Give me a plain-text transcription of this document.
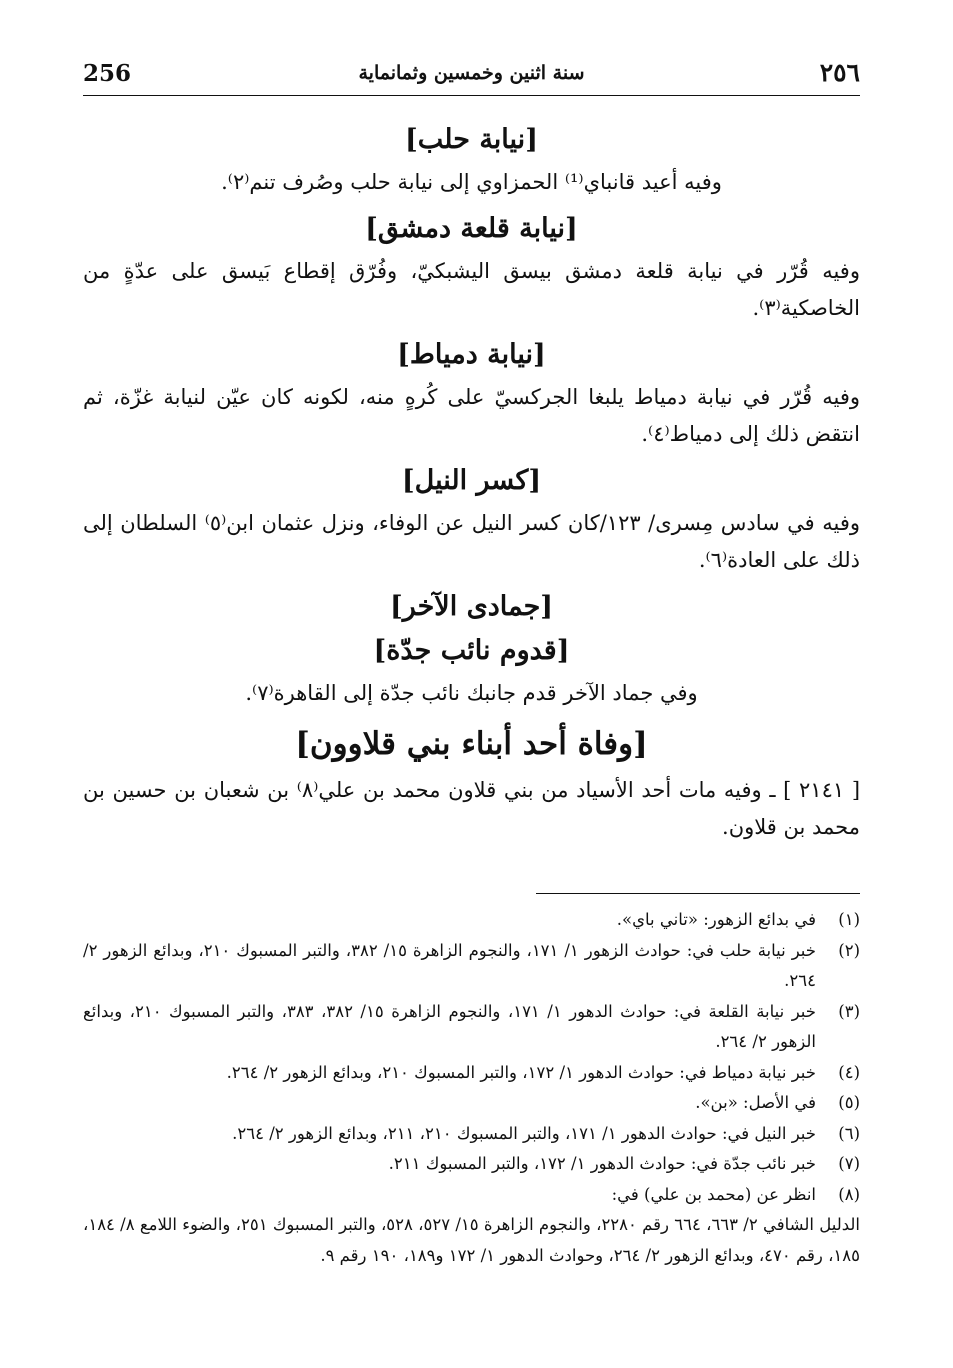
256	سنة اثنين وخمسين وثمانماية	٢٥٦
[نيابة حلب]

وفيه أعيد قانباي⁽¹⁾ الحمزاوي إلى نيابة حلب وصُرف تنم⁽٢⁾.

[نيابة قلعة دمشق]

وفيه قُرّر في نيابة قلعة دمشق بيسق اليشبكيّ، وفُرّق إقطاع بَيسق على عدّةٍ من الخاصكية⁽٣⁾.

[نيابة دمياط]

وفيه قُرّر في نيابة دمياط يلبغا الجركسيّ على كُرهٍ منه، لكونه كان عيّن لنيابة غزّة، ثم انتقض ذلك إلى دمياط⁽٤⁾.

[كسر النيل]

وفيه في سادس مِسرى/ ١٢٣/كان كسر النيل عن الوفاء، ونزل عثمان ابن⁽٥⁾ السلطان إلى ذلك على العادة⁽٦⁾.

[جمادى الآخر]
[قدوم نائب جدّة]

وفي جماد الآخر قدم جانبك نائب جدّة إلى القاهرة⁽٧⁾.

[وفاة أحد أبناء بني قلاوون]

[ ٢١٤١ ] ـ وفيه مات أحد الأسياد من بني قلاون محمد بن علي⁽٨⁾ بن شعبان بن حسين بن محمد بن قلاون.

(١)
في بدائع الزهور: «تاني باي».
(٢)
خبر نيابة حلب في: حوادث الزهور ١/ ١٧١، والنجوم الزاهرة ١٥/ ٣٨٢، والتبر المسبوك ٢١٠، وبدائع الزهور ٢/ ٢٦٤.
(٣)
خبر نيابة القلعة في: حوادث الدهور ١/ ١٧١، والنجوم الزاهرة ١٥/ ٣٨٢، ٣٨٣، والتبر المسبوك ٢١٠، وبدائع الزهور ٢/ ٢٦٤.
(٤)
خبر نيابة دمياط في: حوادث الدهور ١/ ١٧٢، والتبر المسبوك ٢١٠، وبدائع الزهور ٢/ ٢٦٤.
(٥)
في الأصل: «بن».
(٦)
خبر النيل في: حوادث الدهور ١/ ١٧١، والتبر المسبوك ٢١٠، ٢١١، وبدائع الزهور ٢/ ٢٦٤.
(٧)
خبر نائب جدّة في: حوادث الدهور ١/ ١٧٢، والتبر المسبوك ٢١١.
(٨)
انظر عن (محمد بن علي) في:
الدليل الشافي ٢/ ٦٦٣، ٦٦٤ رقم ٢٢٨٠، والنجوم الزاهرة ١٥/ ٥٢٧، ٥٢٨، والتبر المسبوك ٢٥١، والضوء اللامع ٨/ ١٨٤، ١٨٥، رقم ٤٧٠، وبدائع الزهور ٢/ ٢٦٤، وحوادث الدهور ١/ ١٧٢ و١٨٩، ١٩٠ رقم ٩.
